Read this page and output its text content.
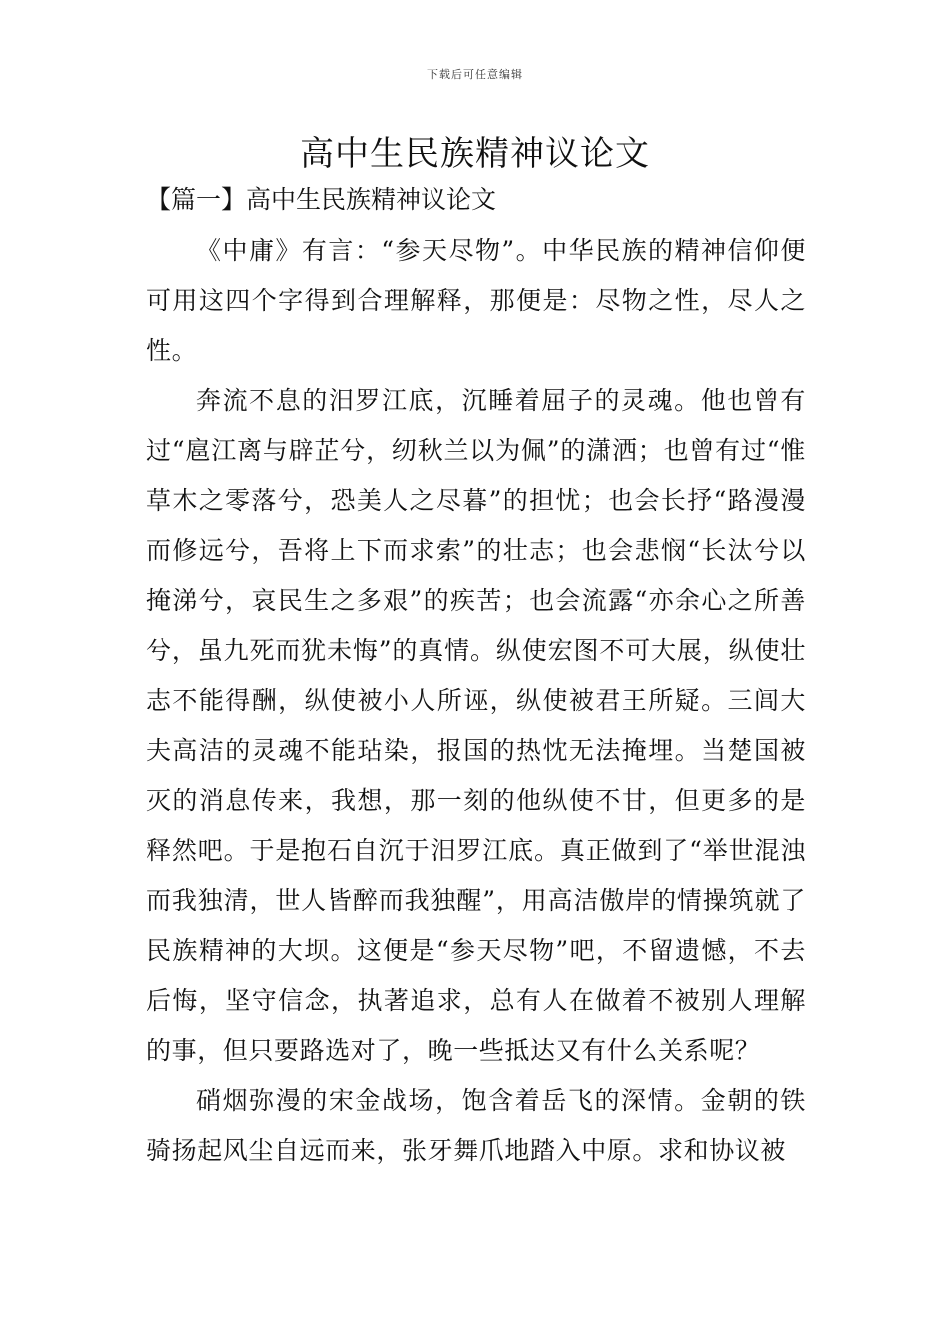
下载后可任意编辑
高中生民族精神议论文
【篇一】高中生民族精神议论文

《中庸》有言：“参天尽物”。中华民族的精神信仰便可用这四个字得到合理解释，那便是：尽物之性，尽人之性。

奔流不息的汨罗江底，沉睡着屈子的灵魂。他也曾有过“扈江离与辟芷兮，纫秋兰以为佩”的潇洒；也曾有过“惟草木之零落兮，恐美人之尽暮”的担忧；也会长抒“路漫漫而修远兮，吾将上下而求索”的壮志；也会悲悯“长汰兮以掩涕兮，哀民生之多艰”的疾苦；也会流露“亦余心之所善兮，虽九死而犹未悔”的真情。纵使宏图不可大展，纵使壮志不能得酬，纵使被小人所诬，纵使被君王所疑。三闾大夫高洁的灵魂不能玷染，报国的热忱无法掩埋。当楚国被灭的消息传来，我想，那一刻的他纵使不甘，但更多的是释然吧。于是抱石自沉于汨罗江底。真正做到了“举世混浊而我独清，世人皆醉而我独醒”，用高洁傲岸的情操筑就了民族精神的大坝。这便是“参天尽物”吧，不留遗憾，不去后悔，坚守信念，执著追求，总有人在做着不被别人理解的事，但只要路选对了，晚一些抵达又有什么关系呢？

硝烟弥漫的宋金战场，饱含着岳飞的深情。金朝的铁骑扬起风尘自远而来，张牙舞爪地踏入中原。求和协议被
